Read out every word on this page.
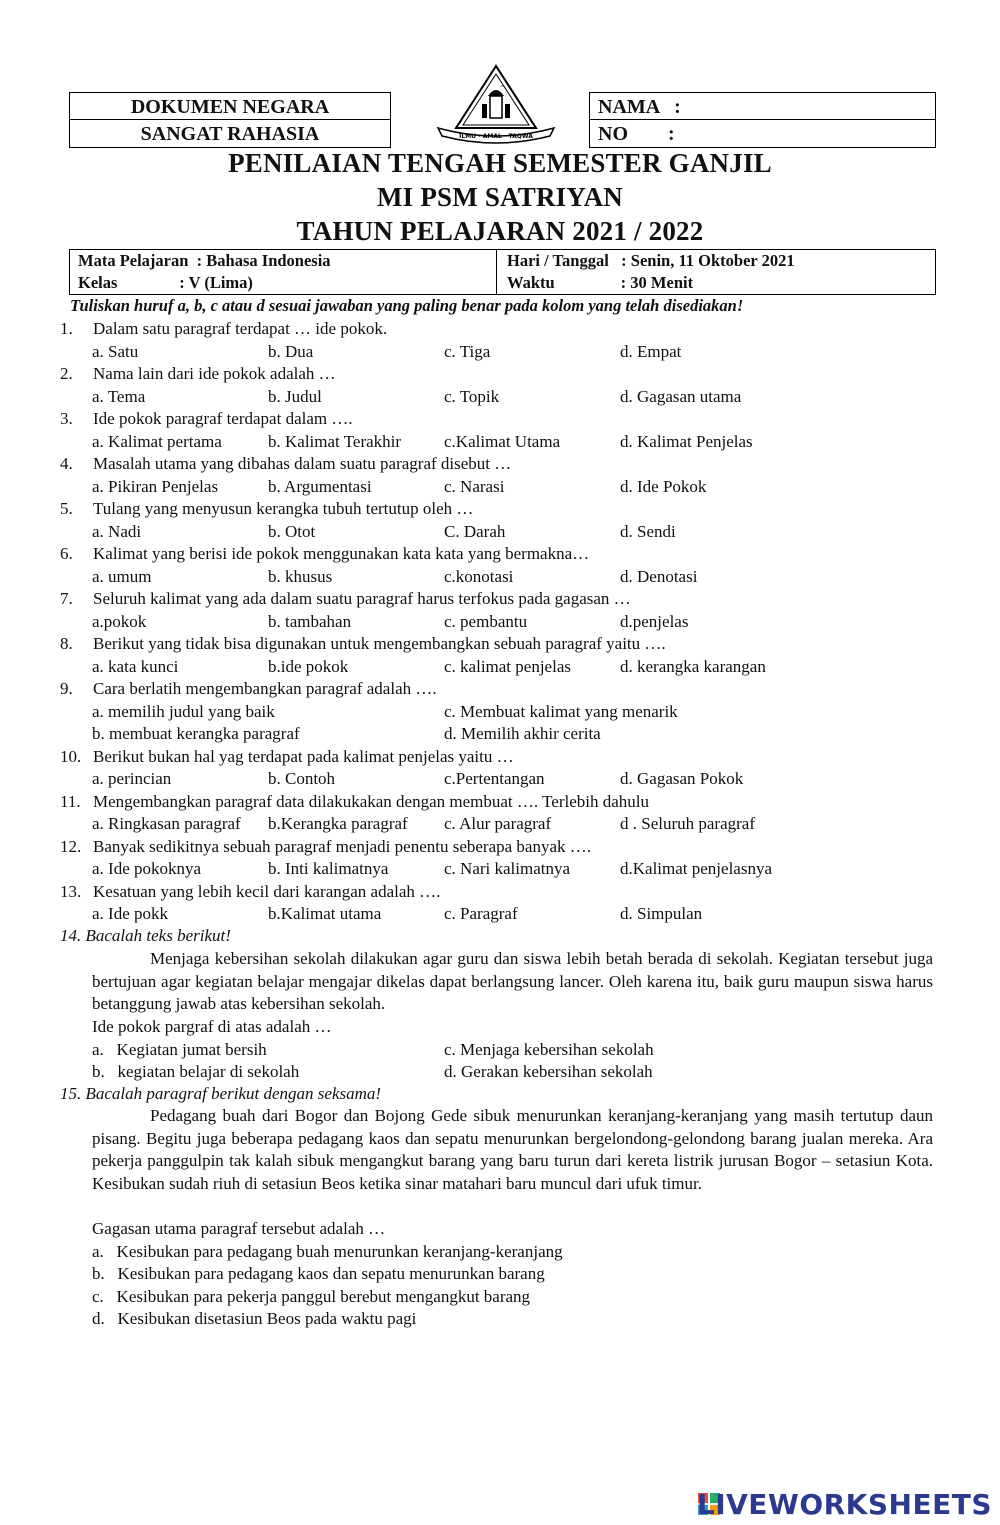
DOKUMEN NEGARA
SANGAT RAHASIA
NAMA   :
NO        :
~
ILMU - AMAL - TAQWA
PENILAIAN TENGAH SEMESTER GANJIL
MI PSM SATRIYAN
TAHUN PELAJARAN 2021 / 2022
Mata Pelajaran  : Bahasa Indonesia
Kelas               : V (Lima)
Hari / Tanggal   : Senin, 11 Oktober 2021
Waktu                : 30 Menit
Tuliskan huruf a, b, c atau d sesuai jawaban yang paling benar pada kolom yang telah disediakan!
1. Dalam satu paragraf terdapat … ide pokok.
a. Satu	b. Dua	c. Tiga	d. Empat
2. Nama lain dari ide pokok adalah …
a. Tema	b. Judul	c. Topik	d. Gagasan utama
3. Ide pokok paragraf terdapat dalam ….
a. Kalimat pertama	b. Kalimat Terakhir	c.Kalimat Utama	d. Kalimat Penjelas
4. Masalah utama yang dibahas dalam suatu paragraf disebut …
a. Pikiran Penjelas	b. Argumentasi	c. Narasi	d. Ide Pokok
5. Tulang yang menyusun kerangka tubuh tertutup oleh …
a. Nadi	b. Otot	C. Darah	d. Sendi
6. Kalimat yang berisi ide pokok menggunakan kata kata yang bermakna…
a. umum	b. khusus	c.konotasi	d. Denotasi
7. Seluruh kalimat yang ada dalam suatu paragraf harus terfokus pada gagasan …
a.pokok	b. tambahan	c. pembantu	d.penjelas
8. Berikut yang tidak bisa digunakan untuk mengembangkan sebuah paragraf yaitu ….
a. kata kunci	b.ide pokok	c. kalimat penjelas	d. kerangka karangan
9. Cara berlatih mengembangkan paragraf adalah ….
a. memilih judul yang baik	c. Membuat kalimat yang menarik
b. membuat kerangka paragraf	d. Memilih akhir cerita
10. Berikut bukan hal yag terdapat pada kalimat penjelas yaitu …
a. perincian	b. Contoh	c.Pertentangan	d. Gagasan Pokok
11. Mengembangkan paragraf data dilakukakan dengan membuat …. Terlebih dahulu
a. Ringkasan paragraf b.Kerangka paragraf c. Alur paragraf	d . Seluruh paragraf
12. Banyak sedikitnya sebuah paragraf menjadi penentu seberapa banyak ….
a. Ide pokoknya	b. Inti kalimatnya	c. Nari kalimatnya	d.Kalimat penjelasnya
13. Kesatuan yang lebih kecil dari karangan adalah ….
a. Ide pokk	b.Kalimat utama	c. Paragraf	d. Simpulan
14. Bacalah teks berikut!
Menjaga kebersihan sekolah dilakukan agar guru dan siswa lebih betah berada di sekolah. Kegiatan tersebut juga bertujuan agar kegiatan belajar mengajar dikelas dapat berlangsung lancer. Oleh karena itu, baik guru maupun siswa harus betanggung jawab atas kebersihan sekolah.
Ide pokok pargraf di atas adalah …
a.   Kegiatan jumat bersih	c. Menjaga kebersihan sekolah
b.   kegiatan belajar di sekolah	d. Gerakan kebersihan sekolah
15. Bacalah paragraf berikut dengan seksama!
Pedagang buah dari Bogor dan Bojong Gede sibuk menurunkan keranjang-keranjang yang masih tertutup daun pisang. Begitu juga beberapa pedagang kaos dan sepatu menurunkan bergelondong-gelondong barang jualan mereka. Ara pekerja panggulpin tak kalah sibuk mengangkut barang yang baru turun dari kereta listrik jurusan Bogor – setasiun Kota. Kesibukan sudah riuh di setasiun Beos ketika sinar matahari baru muncul dari ufuk timur.
Gagasan utama paragraf tersebut adalah …
a.   Kesibukan para pedagang buah menurunkan keranjang-keranjang
b.   Kesibukan para pedagang kaos dan sepatu menurunkan barang
c.   Kesibukan para pekerja panggul berebut mengangkut barang
d.   Kesibukan disetasiun Beos pada waktu pagi
LIVEWORKSHEETS
